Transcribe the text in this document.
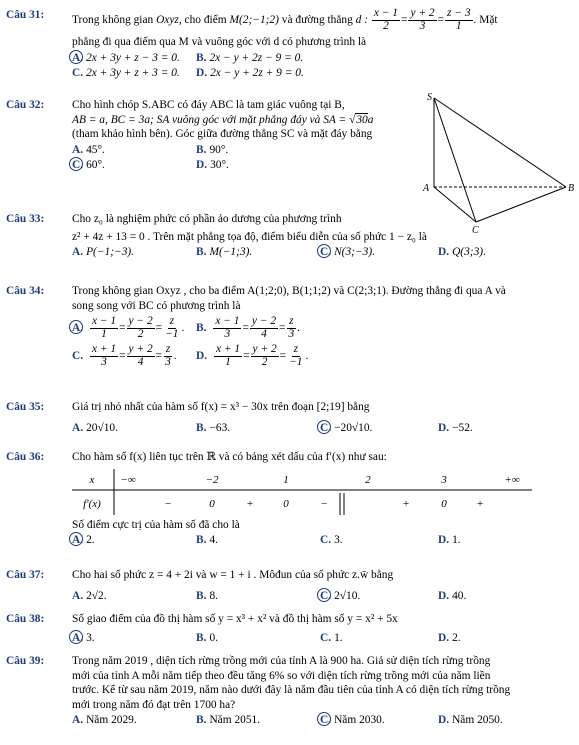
Câu 31:	Trong không gian Oxyz, cho điểm M(2;−1;2) và đường thẳng d : $\frac{x - 1}{2} = \frac{y + 2}{3} = \frac{z - 3}{1}$ . Mặt
phẳng đi qua điểm qua M và vuông góc với d có phương trình là
A. 2x + 3y + z − 3 = 0.	B. 2x − y + 2z − 9 = 0.
C. 2x + 3y + z + 3 = 0.	D. 2x − y + 2z + 9 = 0.
Câu 32:	Cho hình chóp S.ABC có đáy ABC là tam giác vuông tại B,
AB = a, BC = 3a; SA vuông góc với mặt phẳng đáy và SA = √30a
(tham khảo hình bên). Góc giữa đường thẳng SC và mặt đáy bằng
A. 45°.	B. 90°.
C. 60°.	D. 30°.
S
A	B
C
Câu 33:	Cho z₀ là nghiệm phức có phần ảo dương của phương trình
z² + 4z + 13 = 0 . Trên mặt phẳng tọa độ, điểm biểu diễn của số phức 1 − z₀ là
A. P(−1;−3).	B. M(−1;3).	C. N(3;−3).	D. Q(3;3).
Câu 34:	Trong không gian Oxyz , cho ba điểm A(1;2;0), B(1;1;2) và C(2;3;1). Đường thẳng đi qua A và
song song với BC có phương trình là
A. $\frac{x - 1}{1} = \frac{y - 2}{2} = \frac{z}{-1}$ .	B. $\frac{x - 1}{3} = \frac{y - 2}{4} = \frac{z}{3}$ .
C. $\frac{x + 1}{3} = \frac{y + 2}{4} = \frac{z}{3}$ .	D. $\frac{x + 1}{1} = \frac{y + 2}{2} = \frac{z}{-1}$ .
Câu 35:	Giá trị nhỏ nhất của hàm số f(x) = x³ − 30x trên đoạn [2;19] bằng
A. 20√10.	B. −63.	C. −20√10.	D. −52.
Câu 36:	Cho hàm số f(x) liên tục trên ℝ và có bảng xét dấu của f′(x) như sau:
x −∞	−2	1	2	3	+∞
f′(x)	−	0	+	0	−	+	0	+
Số điểm cực trị của hàm số đã cho là
A. 2.	B. 4.	C. 3.	D. 1.
Câu 37:	Cho hai số phức z = 4 + 2i và w = 1 + i . Môđun của số phức z.w̄ bằng
A. 2√2.	B. 8.	C. 2√10.	D. 40.
Câu 38:	Số giao điểm của đồ thị hàm số y = x³ + x² và đồ thị hàm số y = x² + 5x
A. 3.	B. 0.	C. 1.	D. 2.
Câu 39:	Trong năm 2019 , diện tích rừng trồng mới của tỉnh A là 900 ha. Giả sử diện tích rừng trồng
mới của tỉnh A mỗi năm tiếp theo đều tăng 6% so với diện tích rừng trồng mới của năm liền
trước. Kể từ sau năm 2019, năm nào dưới đây là năm đầu tiên của tỉnh A có diện tích rừng trồng
mới trong năm đó đạt trên 1700 ha?
A. Năm 2029.	B. Năm 2051.	C. Năm 2030.	D. Năm 2050.
